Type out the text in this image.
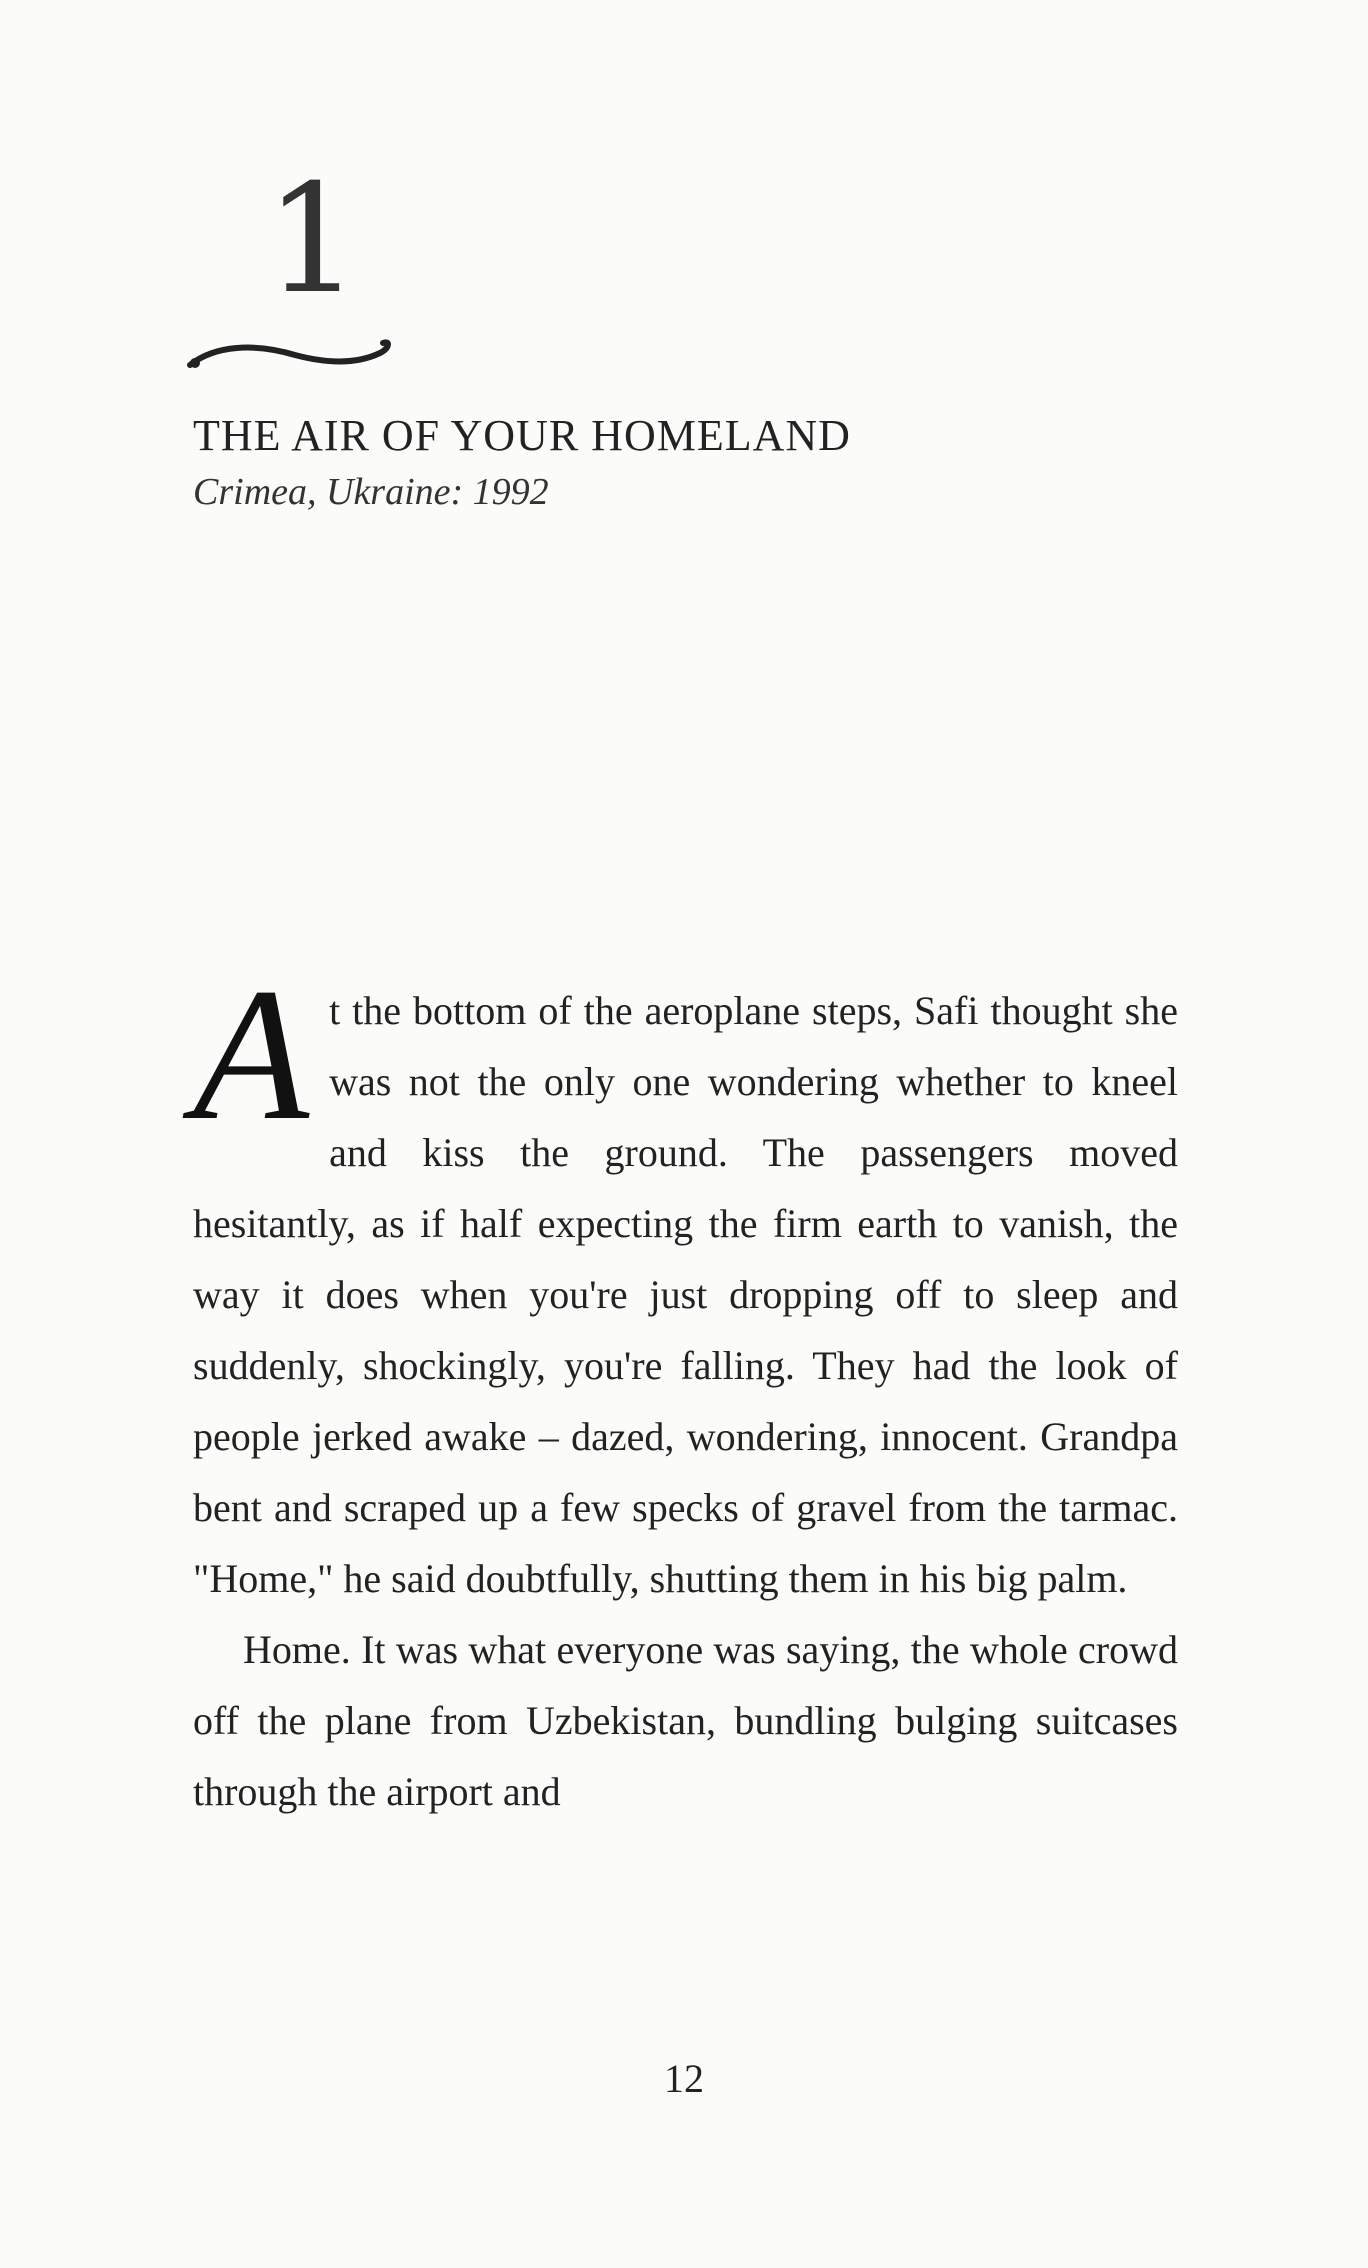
1
THE AIR OF YOUR HOMELAND
Crimea, Ukraine: 1992

At the bottom of the aeroplane steps, Safi thought she was not the only one wondering whether to kneel and kiss the ground. The passengers moved hesitantly, as if half expecting the firm earth to vanish, the way it does when you're just dropping off to sleep and suddenly, shockingly, you're falling. They had the look of people jerked awake – dazed, wondering, innocent. Grandpa bent and scraped up a few specks of gravel from the tarmac. "Home," he said doubtfully, shutting them in his big palm.

Home. It was what everyone was saying, the whole crowd off the plane from Uzbekistan, bundling bulging suitcases through the airport and

12
